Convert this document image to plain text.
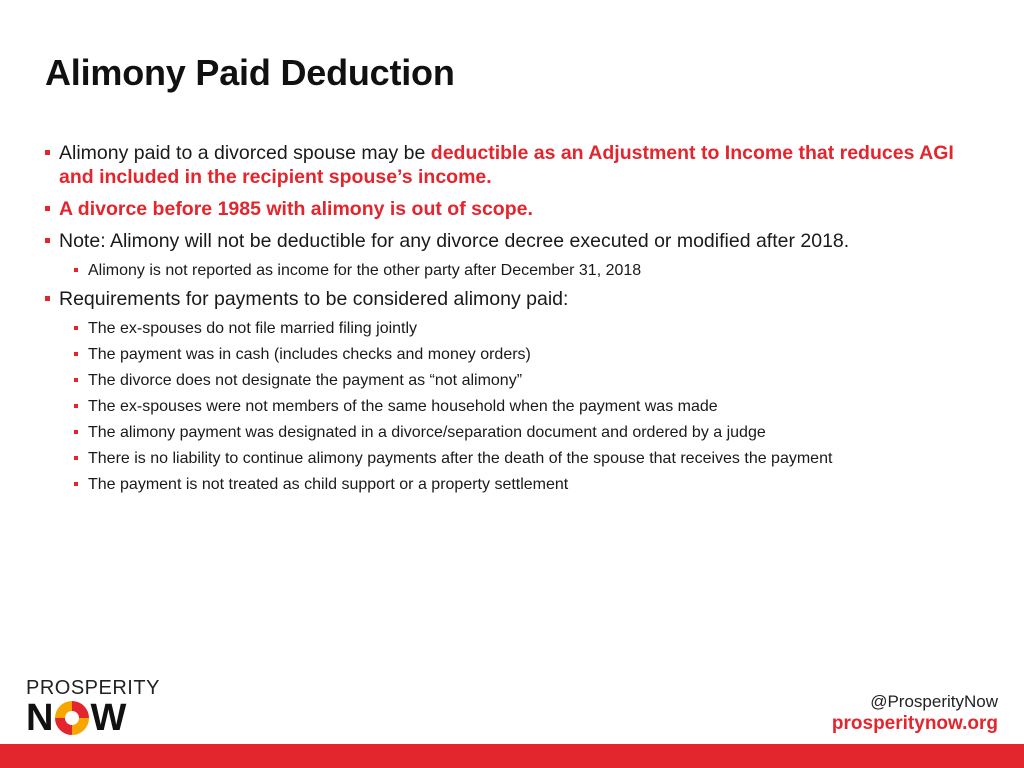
Alimony Paid Deduction
Alimony paid to a divorced spouse may be deductible as an Adjustment to Income that reduces AGI and included in the recipient spouse’s income.
A divorce before 1985 with alimony is out of scope.
Note: Alimony will not be deductible for any divorce decree executed or modified after 2018.
Alimony is not reported as income for the other party after December 31, 2018
Requirements for payments to be considered alimony paid:
The ex-spouses do not file married filing jointly
The payment was in cash (includes checks and money orders)
The divorce does not designate the payment as “not alimony”
The ex-spouses were not members of the same household when the payment was made
The alimony payment was designated in a divorce/separation document and ordered by a judge
There is no liability to continue alimony payments after the death of the spouse that receives the payment
The payment is not treated as child support or a property settlement
PROSPERITY
N W	@ProsperityNow
prosperitynow.org
